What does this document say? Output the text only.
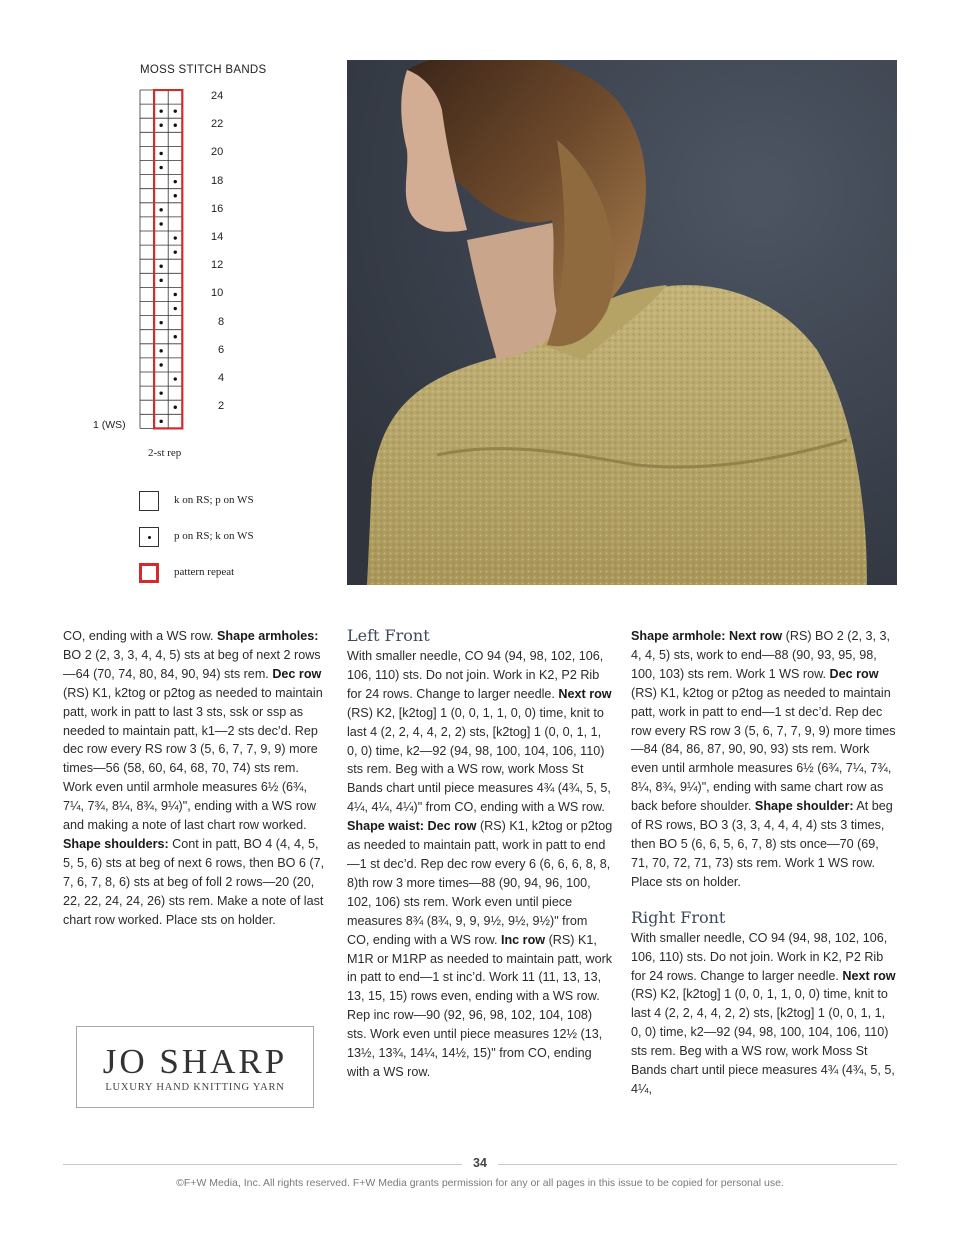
MOSS STITCH BANDS
24
22
20
18
16
14
12
10
8
6
4
2
1 (WS)
2-st rep
k on RS; p on WS
p on RS; k on WS
pattern repeat

CO, ending with a WS row. Shape armholes: BO 2 (2, 3, 3, 4, 4, 5) sts at beg of next 2 rows—64 (70, 74, 80, 84, 90, 94) sts rem. Dec row (RS) K1, k2tog or p2tog as needed to maintain patt, work in patt to last 3 sts, ssk or ssp as needed to maintain patt, k1—2 sts dec’d. Rep dec row every RS row 3 (5, 6, 7, 7, 9, 9) more times—56 (58, 60, 64, 68, 70, 74) sts rem. Work even until armhole measures 6½ (6¾, 7¼, 7¾, 8¼, 8¾, 9¼)", ending with a WS row and making a note of last chart row worked. Shape shoulders: Cont in patt, BO 4 (4, 4, 5, 5, 5, 6) sts at beg of next 6 rows, then BO 6 (7, 7, 6, 7, 8, 6) sts at beg of foll 2 rows—20 (20, 22, 22, 24, 24, 26) sts rem. Make a note of last chart row worked. Place sts on holder.

Left Front

With smaller needle, CO 94 (94, 98, 102, 106, 106, 110) sts. Do not join. Work in K2, P2 Rib for 24 rows. Change to larger needle. Next row (RS) K2, [k2tog] 1 (0, 0, 1, 1, 0, 0) time, knit to last 4 (2, 2, 4, 4, 2, 2) sts, [k2tog] 1 (0, 0, 1, 1, 0, 0) time, k2—92 (94, 98, 100, 104, 106, 110) sts rem. Beg with a WS row, work Moss St Bands chart until piece measures 4¾ (4¾, 5, 5, 4¼, 4¼, 4¼)" from CO, ending with a WS row. Shape waist: Dec row (RS) K1, k2tog or p2tog as needed to maintain patt, work in patt to end—1 st dec’d. Rep dec row every 6 (6, 6, 6, 8, 8, 8)th row 3 more times—88 (90, 94, 96, 100, 102, 106) sts rem. Work even until piece measures 8¾ (8¾, 9, 9, 9½, 9½, 9½)" from CO, ending with a WS row. Inc row (RS) K1, M1R or M1RP as needed to maintain patt, work in patt to end—1 st inc’d. Work 11 (11, 13, 13, 13, 15, 15) rows even, ending with a WS row. Rep inc row—90 (92, 96, 98, 102, 104, 108) sts. Work even until piece measures 12½ (13, 13½, 13¾, 14¼, 14½, 15)" from CO, ending with a WS row.

Shape armhole: Next row (RS) BO 2 (2, 3, 3, 4, 4, 5) sts, work to end—88 (90, 93, 95, 98, 100, 103) sts rem. Work 1 WS row. Dec row (RS) K1, k2tog or p2tog as needed to maintain patt, work in patt to end—1 st dec’d. Rep dec row every RS row 3 (5, 6, 7, 7, 9, 9) more times—84 (84, 86, 87, 90, 90, 93) sts rem. Work even until armhole measures 6½ (6¾, 7¼, 7¾, 8¼, 8¾, 9¼)", ending with same chart row as back before shoulder. Shape shoulder: At beg of RS rows, BO 3 (3, 3, 4, 4, 4, 4) sts 3 times, then BO 5 (6, 6, 5, 6, 7, 8) sts once—70 (69, 71, 70, 72, 71, 73) sts rem. Work 1 WS row. Place sts on holder.

Right Front

With smaller needle, CO 94 (94, 98, 102, 106, 106, 110) sts. Do not join. Work in K2, P2 Rib for 24 rows. Change to larger needle. Next row (RS) K2, [k2tog] 1 (0, 0, 1, 1, 0, 0) time, knit to last 4 (2, 2, 4, 4, 2, 2) sts, [k2tog] 1 (0, 0, 1, 1, 0, 0) time, k2—92 (94, 98, 100, 104, 106, 110) sts rem. Beg with a WS row, work Moss St Bands chart until piece measures 4¾ (4¾, 5, 5, 4¼,

JO SHARP
LUXURY HAND KNITTING YARN
34
©F+W Media, Inc. All rights reserved. F+W Media grants permission for any or all pages in this issue to be copied for personal use.
